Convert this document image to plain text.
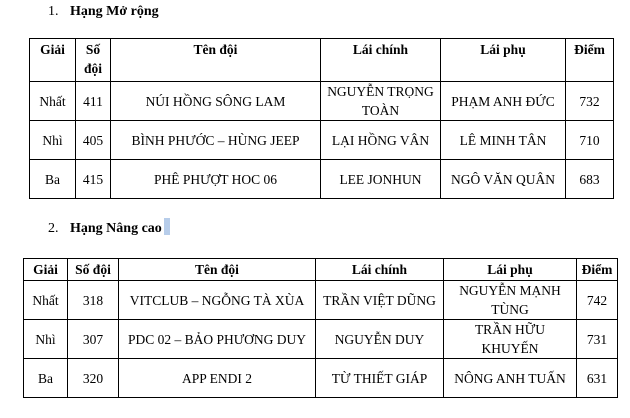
1. Hạng Mở rộng
Giải	Số đội	Tên đội	Lái chính	Lái phụ	Điểm
Nhất	411	NÚI HỒNG SÔNG LAM	NGUYỄN TRỌNG TOÀN	PHẠM ANH ĐỨC	732
Nhì	405	BÌNH PHƯỚC – HÙNG JEEP	LẠI HỒNG VÂN	LÊ MINH TÂN	710
Ba	415	PHÊ PHƯỢT HOC 06	LEE JONHUN	NGÔ VĂN QUÂN	683
2. Hạng Nâng cao
Giải	Số đội	Tên đội	Lái chính	Lái phụ	Điểm
Nhất	318	VITCLUB – NGỖNG TÀ XÙA	TRẦN VIỆT DŨNG	NGUYỄN MẠNH TÙNG	742
Nhì	307	PDC 02 – BẢO PHƯƠNG DUY	NGUYỄN DUY	TRẦN HỮU KHUYẾN	731
Ba	320	APP ENDI 2	TỪ THIẾT GIÁP	NÔNG ANH TUẤN	631
